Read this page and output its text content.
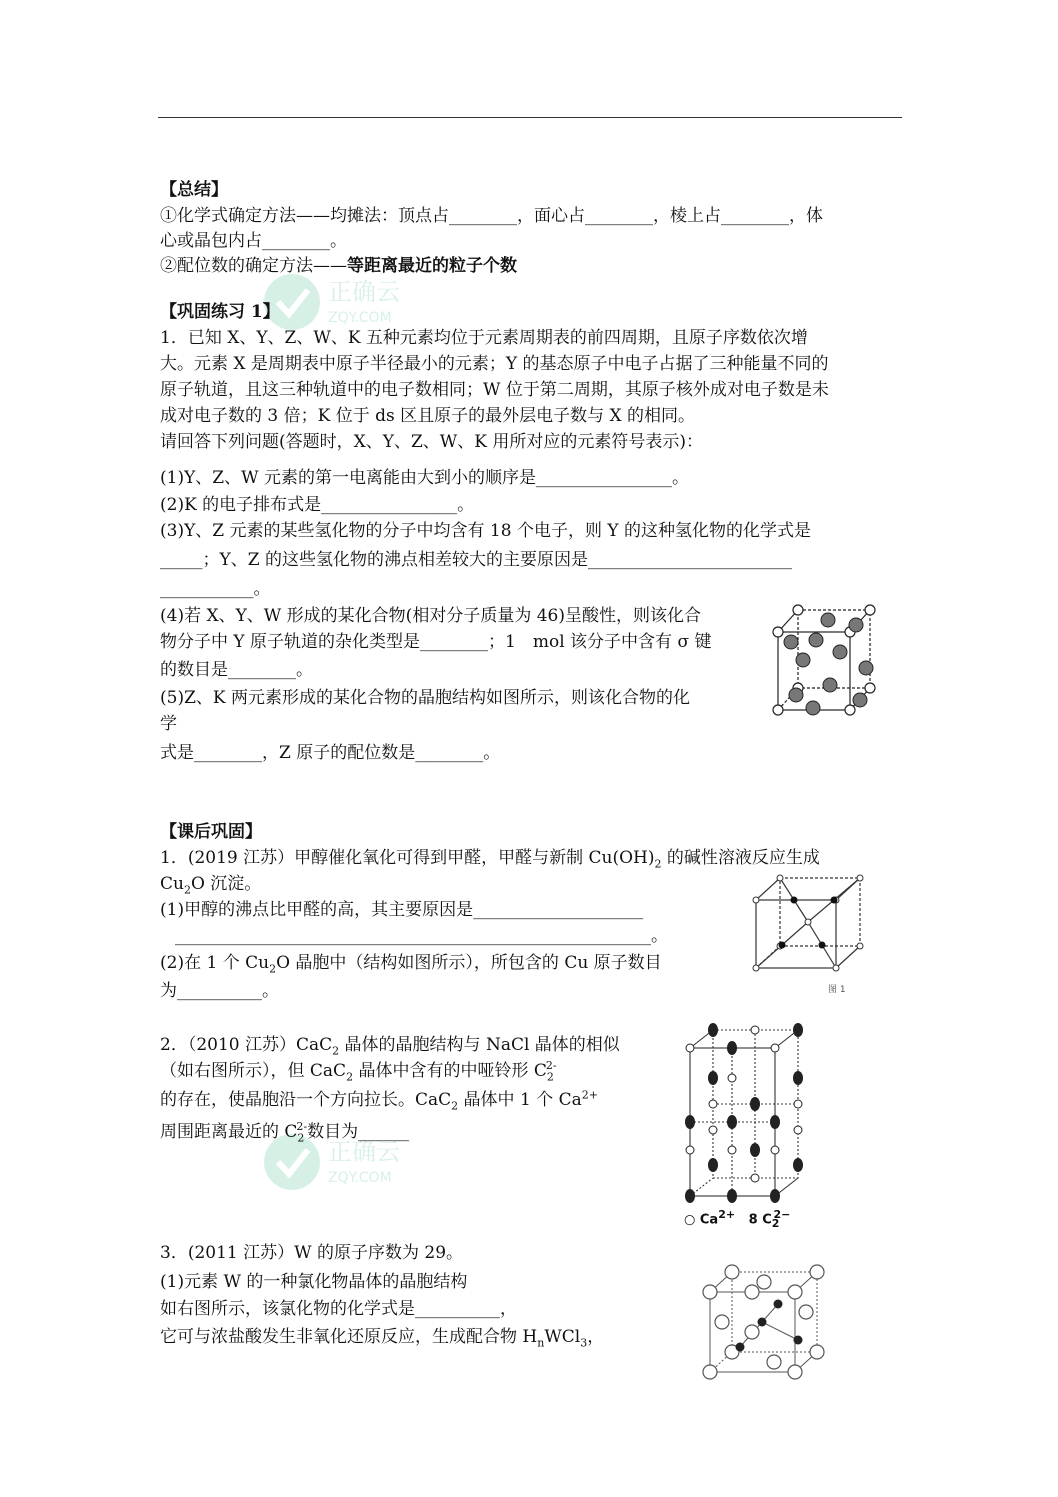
正确云
ZQY.COM
正确云
ZQY.COM
【总结】
①化学式确定方法——均摊法：顶点占________，面心占________，棱上占________，体
心或晶包内占________。
②配位数的确定方法——等距离最近的粒子个数
【巩固练习 1】
1．已知 X、Y、Z、W、K 五种元素均位于元素周期表的前四周期，且原子序数依次增
大。元素 X 是周期表中原子半径最小的元素；Y 的基态原子中电子占据了三种能量不同的
原子轨道，且这三种轨道中的电子数相同；W 位于第二周期，其原子核外成对电子数是未
成对电子数的 3 倍；K 位于 ds 区且原子的最外层电子数与 X 的相同。
请回答下列问题(答题时，X、Y、Z、W、K 用所对应的元素符号表示)：
(1)Y、Z、W 元素的第一电离能由大到小的顺序是________________。
(2)K 的电子排布式是________________。
(3)Y、Z 元素的某些氢化物的分子中均含有 18 个电子，则 Y 的这种氢化物的化学式是
_____；Y、Z 的这些氢化物的沸点相差较大的主要原因是________________________
___________。
(4)若 X、Y、W 形成的某化合物(相对分子质量为 46)呈酸性，则该化合
物分子中 Y 原子轨道的杂化类型是________；1　mol 该分子中含有 σ 键
的数目是________。
(5)Z、K 两元素形成的某化合物的晶胞结构如图所示，则该化合物的化
学
式是________，Z 原子的配位数是________。
【课后巩固】
1．(2019 江苏）甲醇催化氧化可得到甲醛，甲醛与新制 $Cu(OH)_2$ 的碱性溶液反应生成
$Cu_2O$ 沉淀。
(1)甲醇的沸点比甲醛的高，其主要原因是____________________
________________________________________________________。
(2)在 1 个 $Cu_2O$ 晶胞中（结构如图所示），所包含的 Cu 原子数目
为__________。	图 1
2．（2010 江苏）CaC$_2$ 晶体的晶胞结构与 NaCl 晶体的相似
（如右图所示），但 CaC$_2$ 晶体中含有的中哑铃形 $C_2^{2-}$
的存在，使晶胞沿一个方向拉长。CaC$_2$ 晶体中 1 个 $Ca^{2+}$
周围距离最近的 $C_2^{2-}$数目为______
○ $Ca^{2+}$ 8 $C_2^{2-}$
3．(2011 江苏）W 的原子序数为 29。
(1)元素 W 的一种氯化物晶体的晶胞结构
如右图所示，该氯化物的化学式是__________，
它可与浓盐酸发生非氧化还原反应，生成配合物 $H_nWCl_3$，
